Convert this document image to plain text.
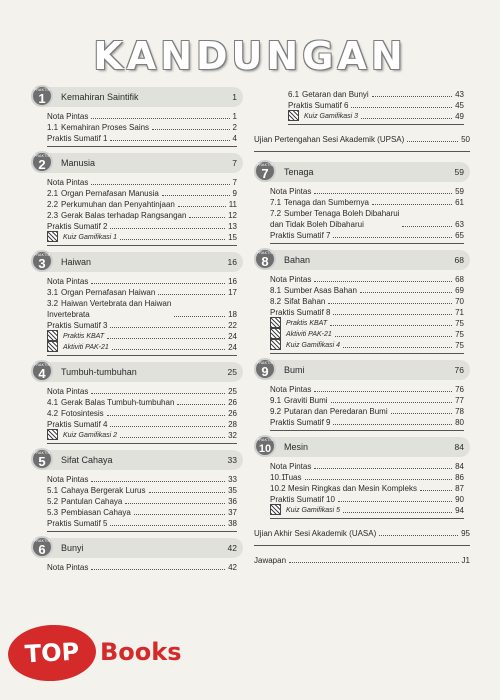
KANDUNGAN
PRAKTIS
1	Kemahiran Saintifik	1
Nota Pintas	1
1.1 Kemahiran Proses Sains	2
Praktis Sumatif 1	4
PRAKTIS
2	Manusia	7
Nota Pintas	7
2.1 Organ Pernafasan Manusia	9
2.2 Perkumuhan dan Penyahtinjaan	11
2.3 Gerak Balas terhadap Rangsangan	12
Praktis Sumatif 2	13
Kuiz Gamifikasi 1	15
PRAKTIS
3	Haiwan	16
Nota Pintas	16
3.1 Organ Pernafasan Haiwan	17
3.2 Haiwan Vertebrata dan Haiwan
Invertebrata	18
Praktis Sumatif 3	22
Praktis KBAT	24
Aktiviti PAK-21	24
PRAKTIS
4	Tumbuh-tumbuhan	25
Nota Pintas	25
4.1 Gerak Balas Tumbuh-tumbuhan	26
4.2 Fotosintesis	26
Praktis Sumatif 4	28
Kuiz Gamifikasi 2	32
PRAKTIS
5	Sifat Cahaya	33
Nota Pintas	33
5.1 Cahaya Bergerak Lurus	35
5.2 Pantulan Cahaya	36
5.3 Pembiasan Cahaya	37
Praktis Sumatif 5	38
PRAKTIS
6	Bunyi	42
Nota Pintas	42
6.1 Getaran dan Bunyi	43
Praktis Sumatif 6	45
Kuiz Gamifikasi 3	49
Ujian Pertengahan Sesi Akademik (UPSA)	50
PRAKTIS
7	Tenaga	59
Nota Pintas	59
7.1 Tenaga dan Sumbernya	61
7.2 Sumber Tenaga Boleh Dibaharui
dan Tidak Boleh Dibaharui	63
Praktis Sumatif 7	65
PRAKTIS
8	Bahan	68
Nota Pintas	68
8.1 Sumber Asas Bahan	69
8.2 Sifat Bahan	70
Praktis Sumatif 8	71
Praktis KBAT	75
Aktiviti PAK-21	75
Kuiz Gamifikasi 4	75
PRAKTIS
9	Bumi	76
Nota Pintas	76
9.1 Graviti Bumi	77
9.2 Putaran dan Peredaran Bumi	78
Praktis Sumatif 9	80
PRAKTIS
10	Mesin	84
Nota Pintas	84
10.1Tuas	86
10.2 Mesin Ringkas dan Mesin Kompleks	87
Praktis Sumatif 10	90
Kuiz Gamifikasi 5	94
Ujian Akhir Sesi Akademik (UASA)	95
Jawapan	J1
TOP Books
